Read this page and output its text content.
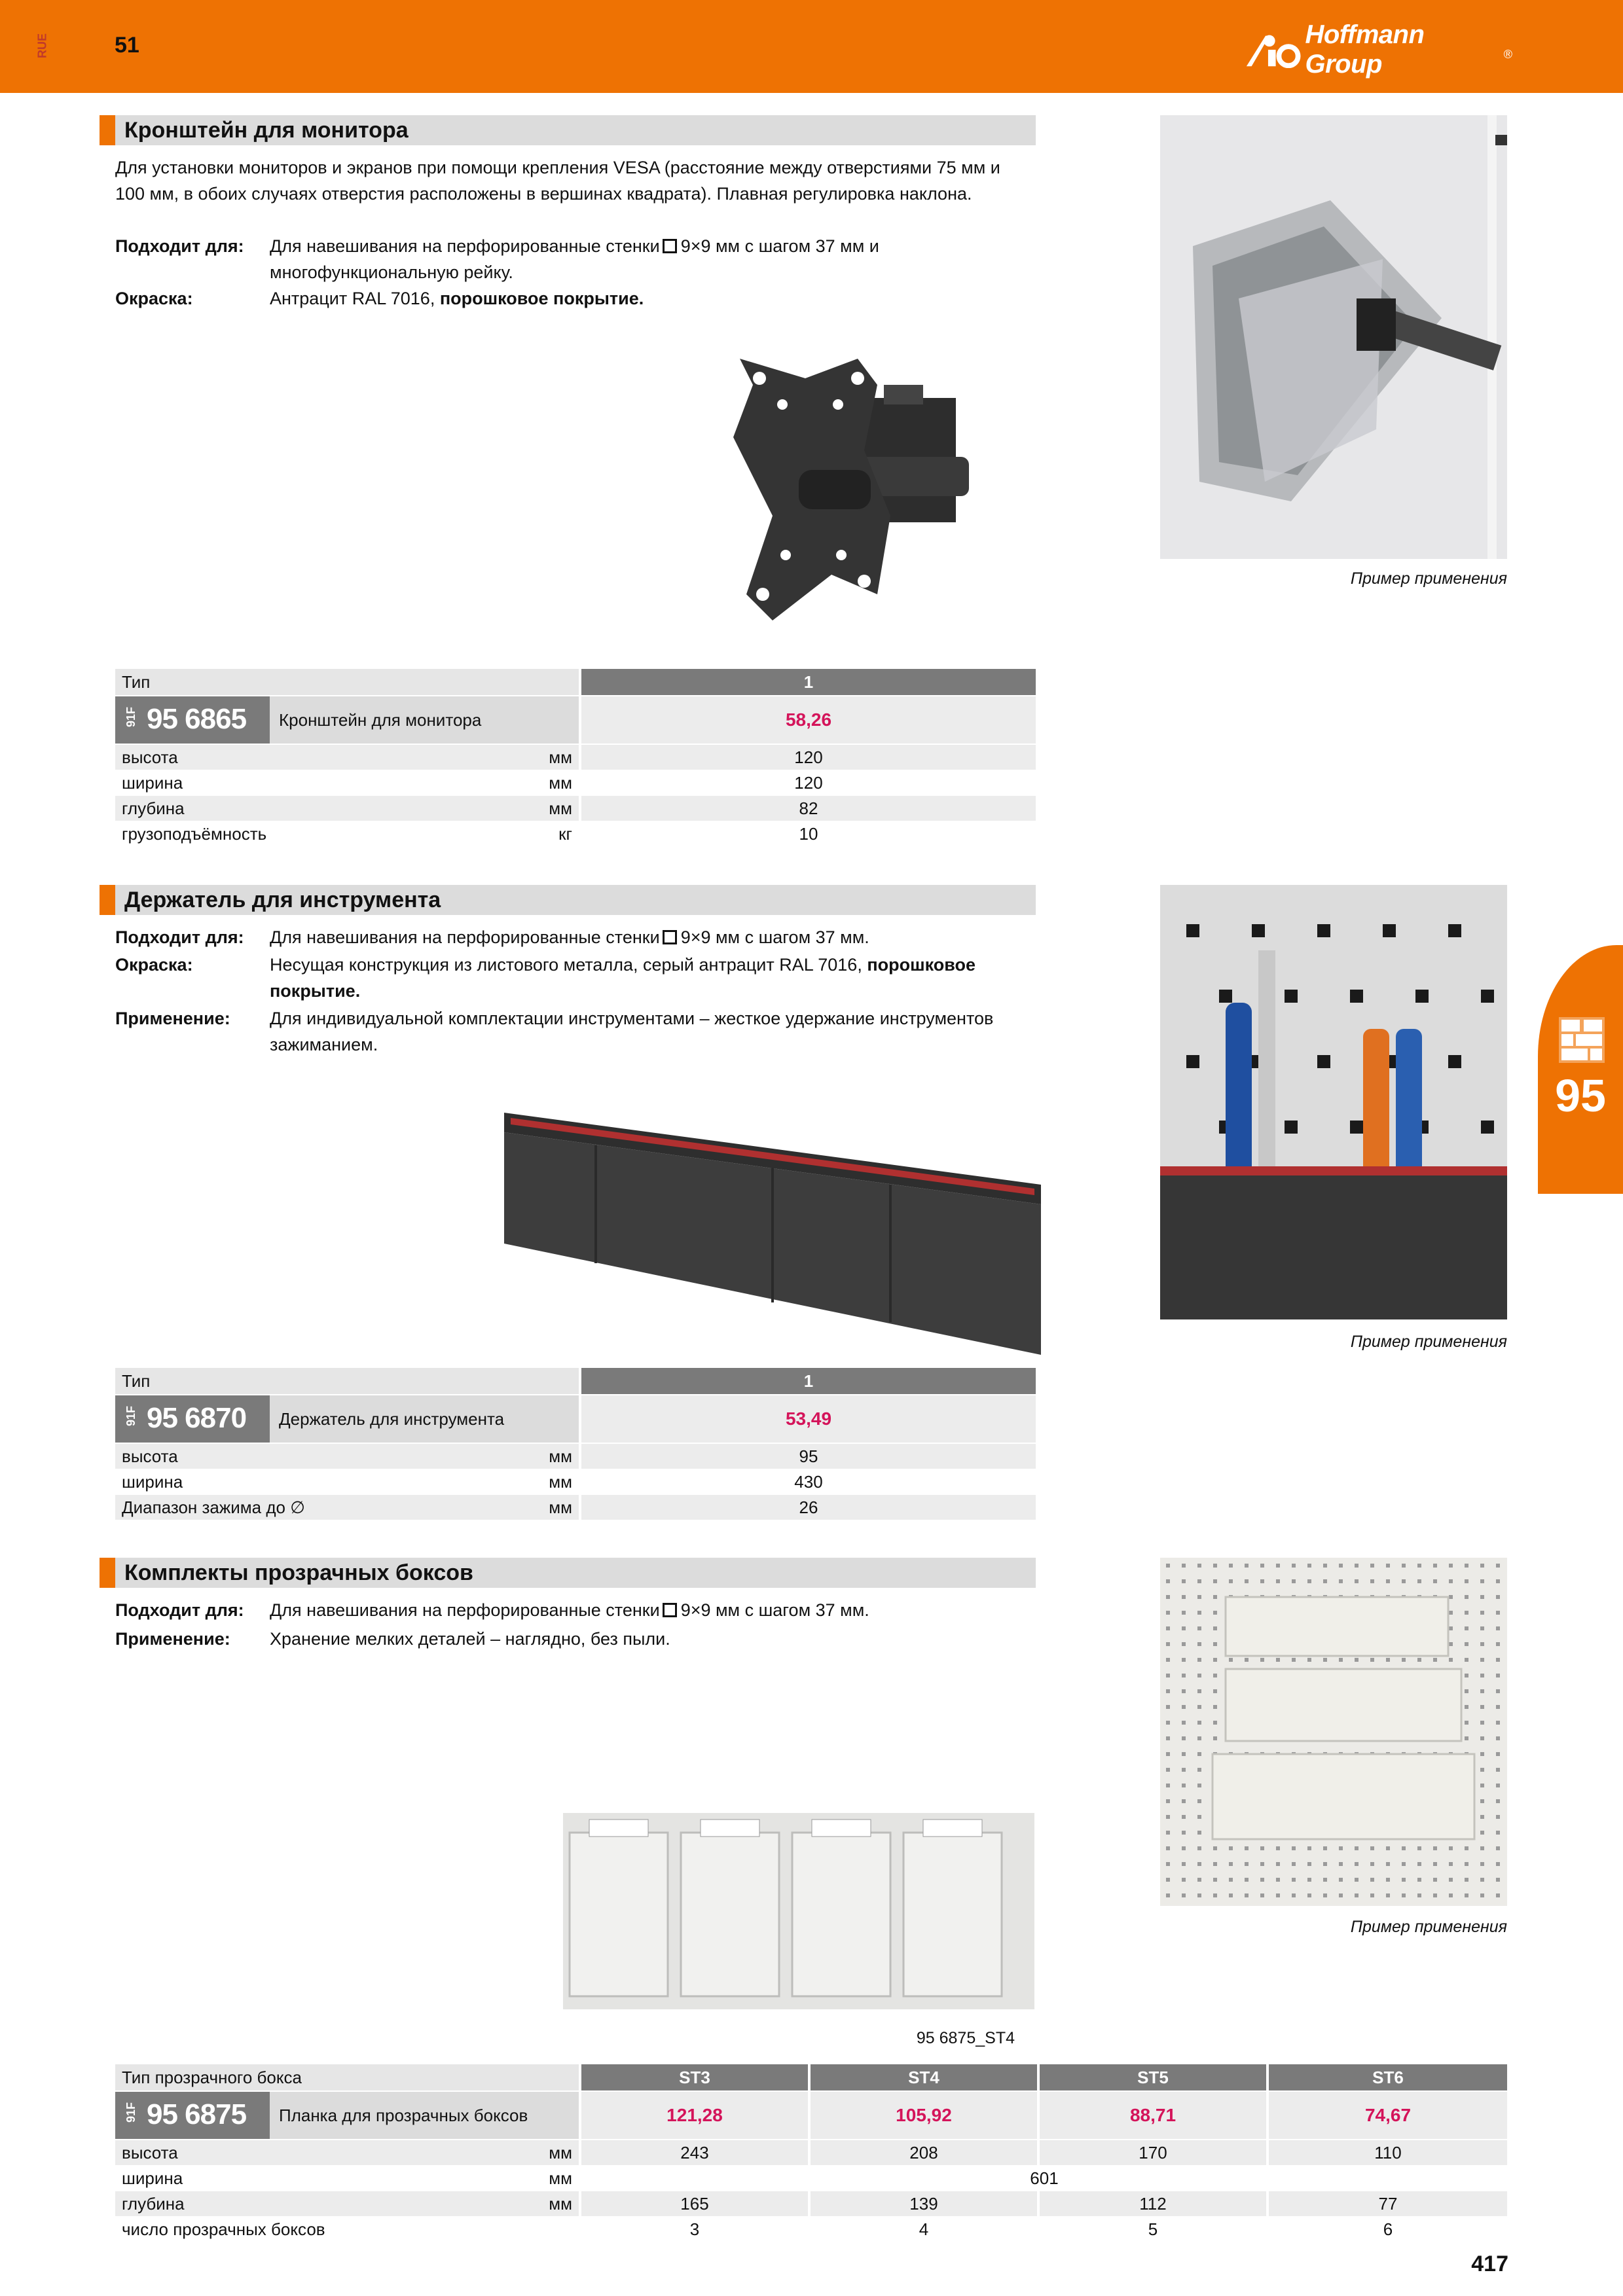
RUE	51	Hoffmann Group	®
Кронштейн для монитора
Для установки мониторов и экранов при помощи крепления VESA (расстояние между отверстиями 75 мм и 100 мм, в обоих случаях отверстия расположены в вершинах квадрата). Плавная регулировка наклона.
Подходит для:	Для навешивания на перфорированные стенки 9×9 мм с шагом 37 мм и многофункциональную рейку.
Окраска:	Антрацит RAL 7016, порошковое покрытие.
Пример применения
Тип	1
91F 95 6865	Кронштейн для монитора	58,26
высота	мм	120
ширина	мм	120
глубина	мм	82
грузоподъёмность	кг	10
Держатель для инструмента
Подходит для:	Для навешивания на перфорированные стенки 9×9 мм с шагом 37 мм.
Окраска:	Несущая конструкция из листового металла, серый антрацит RAL 7016, порошковое покрытие.
Применение:	Для индивидуальной комплектации инструментами – жесткое удержание инструментов зажиманием.
Пример применения
Тип	1
91F 95 6870	Держатель для инструмента	53,49
высота	мм	95
ширина	мм	430
Диапазон зажима до ∅	мм	26
Комплекты прозрачных боксов
Подходит для:	Для навешивания на перфорированные стенки 9×9 мм с шагом 37 мм.
Применение:	Хранение мелких деталей – наглядно, без пыли.
95 6875_ST4
Пример применения
Тип прозрачного бокса	ST3	ST4	ST5	ST6
91F 95 6875	Планка для прозрачных боксов	121,28	105,92	88,71	74,67
высота	мм	243	208	170	110
ширина	мм	601
глубина	мм	165	139	112	77
число прозрачных боксов	3	4	5	6
95
417
